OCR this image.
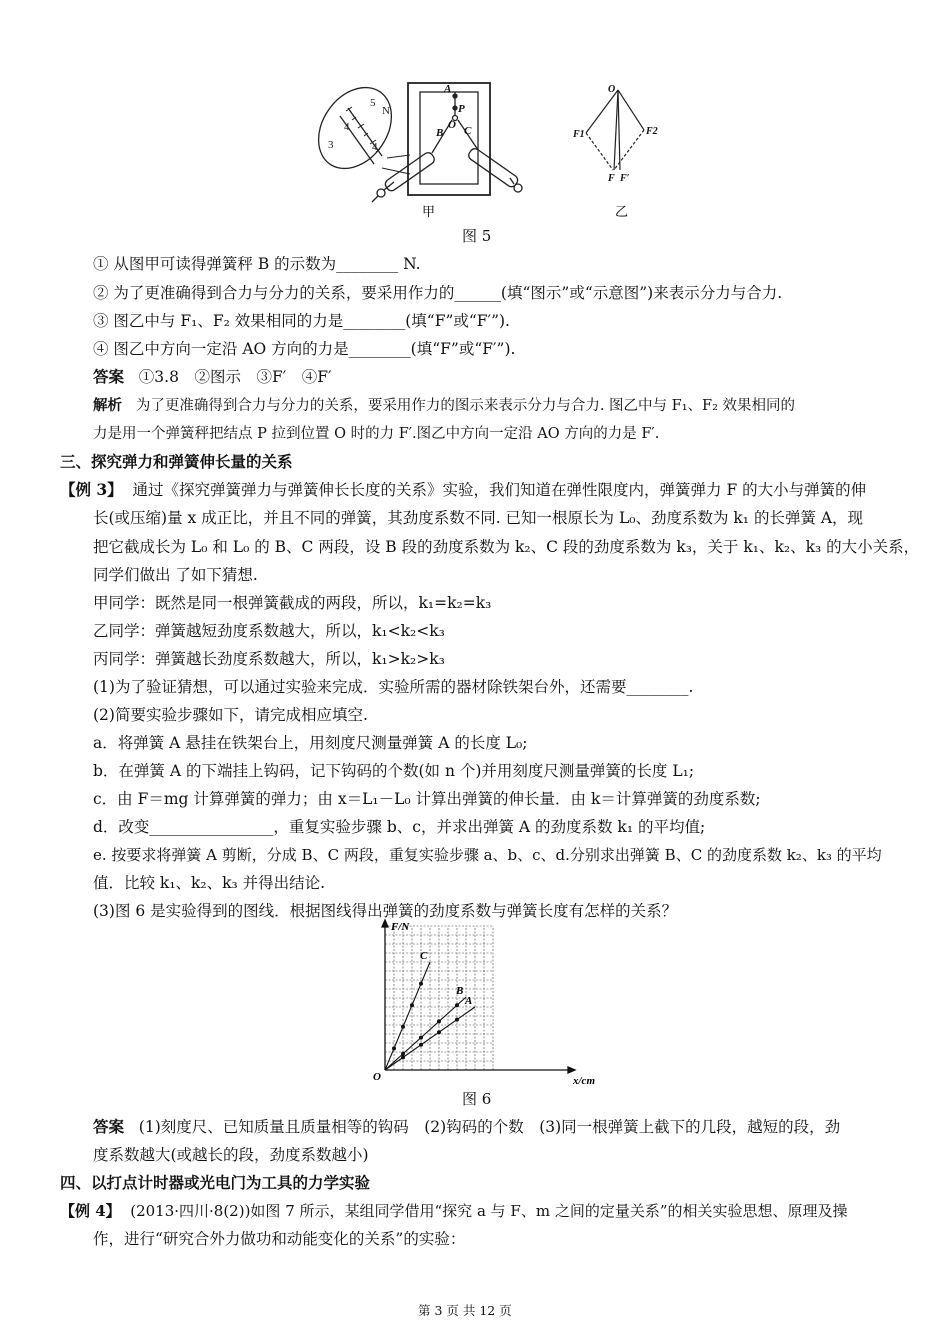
5
4
3	4
N
A
P
O
B C
甲
O
F1	F2
F F′
乙
图 5
① 从图甲可读得弹簧秤 B 的示数为________ N.
② 为了更准确得到合力与分力的关系，要采用作力的______(填“图示”或“示意图”)来表示分力与合力.
③ 图乙中与 F₁、F₂ 效果相同的力是________(填“F”或“F′”).
④ 图乙中方向一定沿 AO 方向的力是________(填“F”或“F′”).
答案 ①3.8　②图示　③F′　④F′
解析 为了更准确得到合力与分力的关系，要采用作力的图示来表示分力与合力. 图乙中与 F₁、F₂ 效果相同的
力是用一个弹簧秤把结点 P 拉到位置 O 时的力 F′.图乙中方向一定沿 AO 方向的力是 F′.
三、探究弹力和弹簧伸长量的关系
【例 3】 通过《探究弹簧弹力与弹簧伸长长度的关系》实验，我们知道在弹性限度内，弹簧弹力 F 的大小与弹簧的伸
长(或压缩)量 x 成正比，并且不同的弹簧，其劲度系数不同. 已知一根原长为 L₀、劲度系数为 k₁ 的长弹簧 A，现
把它截成长为 L₀ 和 L₀ 的 B、C 两段，设 B 段的劲度系数为 k₂、C 段的劲度系数为 k₃，关于 k₁、k₂、k₃ 的大小关系，
同学们做出 了如下猜想.
甲同学：既然是同一根弹簧截成的两段，所以，k₁=k₂=k₃
乙同学：弹簧越短劲度系数越大，所以，k₁<k₂<k₃
丙同学：弹簧越长劲度系数越大，所以，k₁>k₂>k₃
(1)为了验证猜想，可以通过实验来完成．实验所需的器材除铁架台外，还需要________.
(2)简要实验步骤如下，请完成相应填空.
a．将弹簧 A 悬挂在铁架台上，用刻度尺测量弹簧 A 的长度 L₀;
b．在弹簧 A 的下端挂上钩码，记下钩码的个数(如 n 个)并用刻度尺测量弹簧的长度 L₁;
c．由 F＝mg 计算弹簧的弹力；由 x＝L₁－L₀ 计算出弹簧的伸长量．由 k＝计算弹簧的劲度系数;
d．改变________________，重复实验步骤 b、c，并求出弹簧 A 的劲度系数 k₁ 的平均值;
e. 按要求将弹簧 A 剪断，分成 B、C 两段，重复实验步骤 a、b、c、d.分别求出弹簧 B、C 的劲度系数 k₂、k₃ 的平均
值．比较 k₁、k₂、k₃ 并得出结论.
(3)图 6 是实验得到的图线．根据图线得出弹簧的劲度系数与弹簧长度有怎样的关系？
C
B
A
F/N
x/cm
O
图 6
答案 (1)刻度尺、已知质量且质量相等的钩码　(2)钩码的个数　(3)同一根弹簧上截下的几段，越短的段，劲
度系数越大(或越长的段，劲度系数越小)
四、以打点计时器或光电门为工具的力学实验
【例 4】 (2013·四川·8(2))如图 7 所示，某组同学借用“探究 a 与 F、m 之间的定量关系”的相关实验思想、原理及操
作，进行“研究合外力做功和动能变化的关系”的实验：
第 3 页 共 12 页
